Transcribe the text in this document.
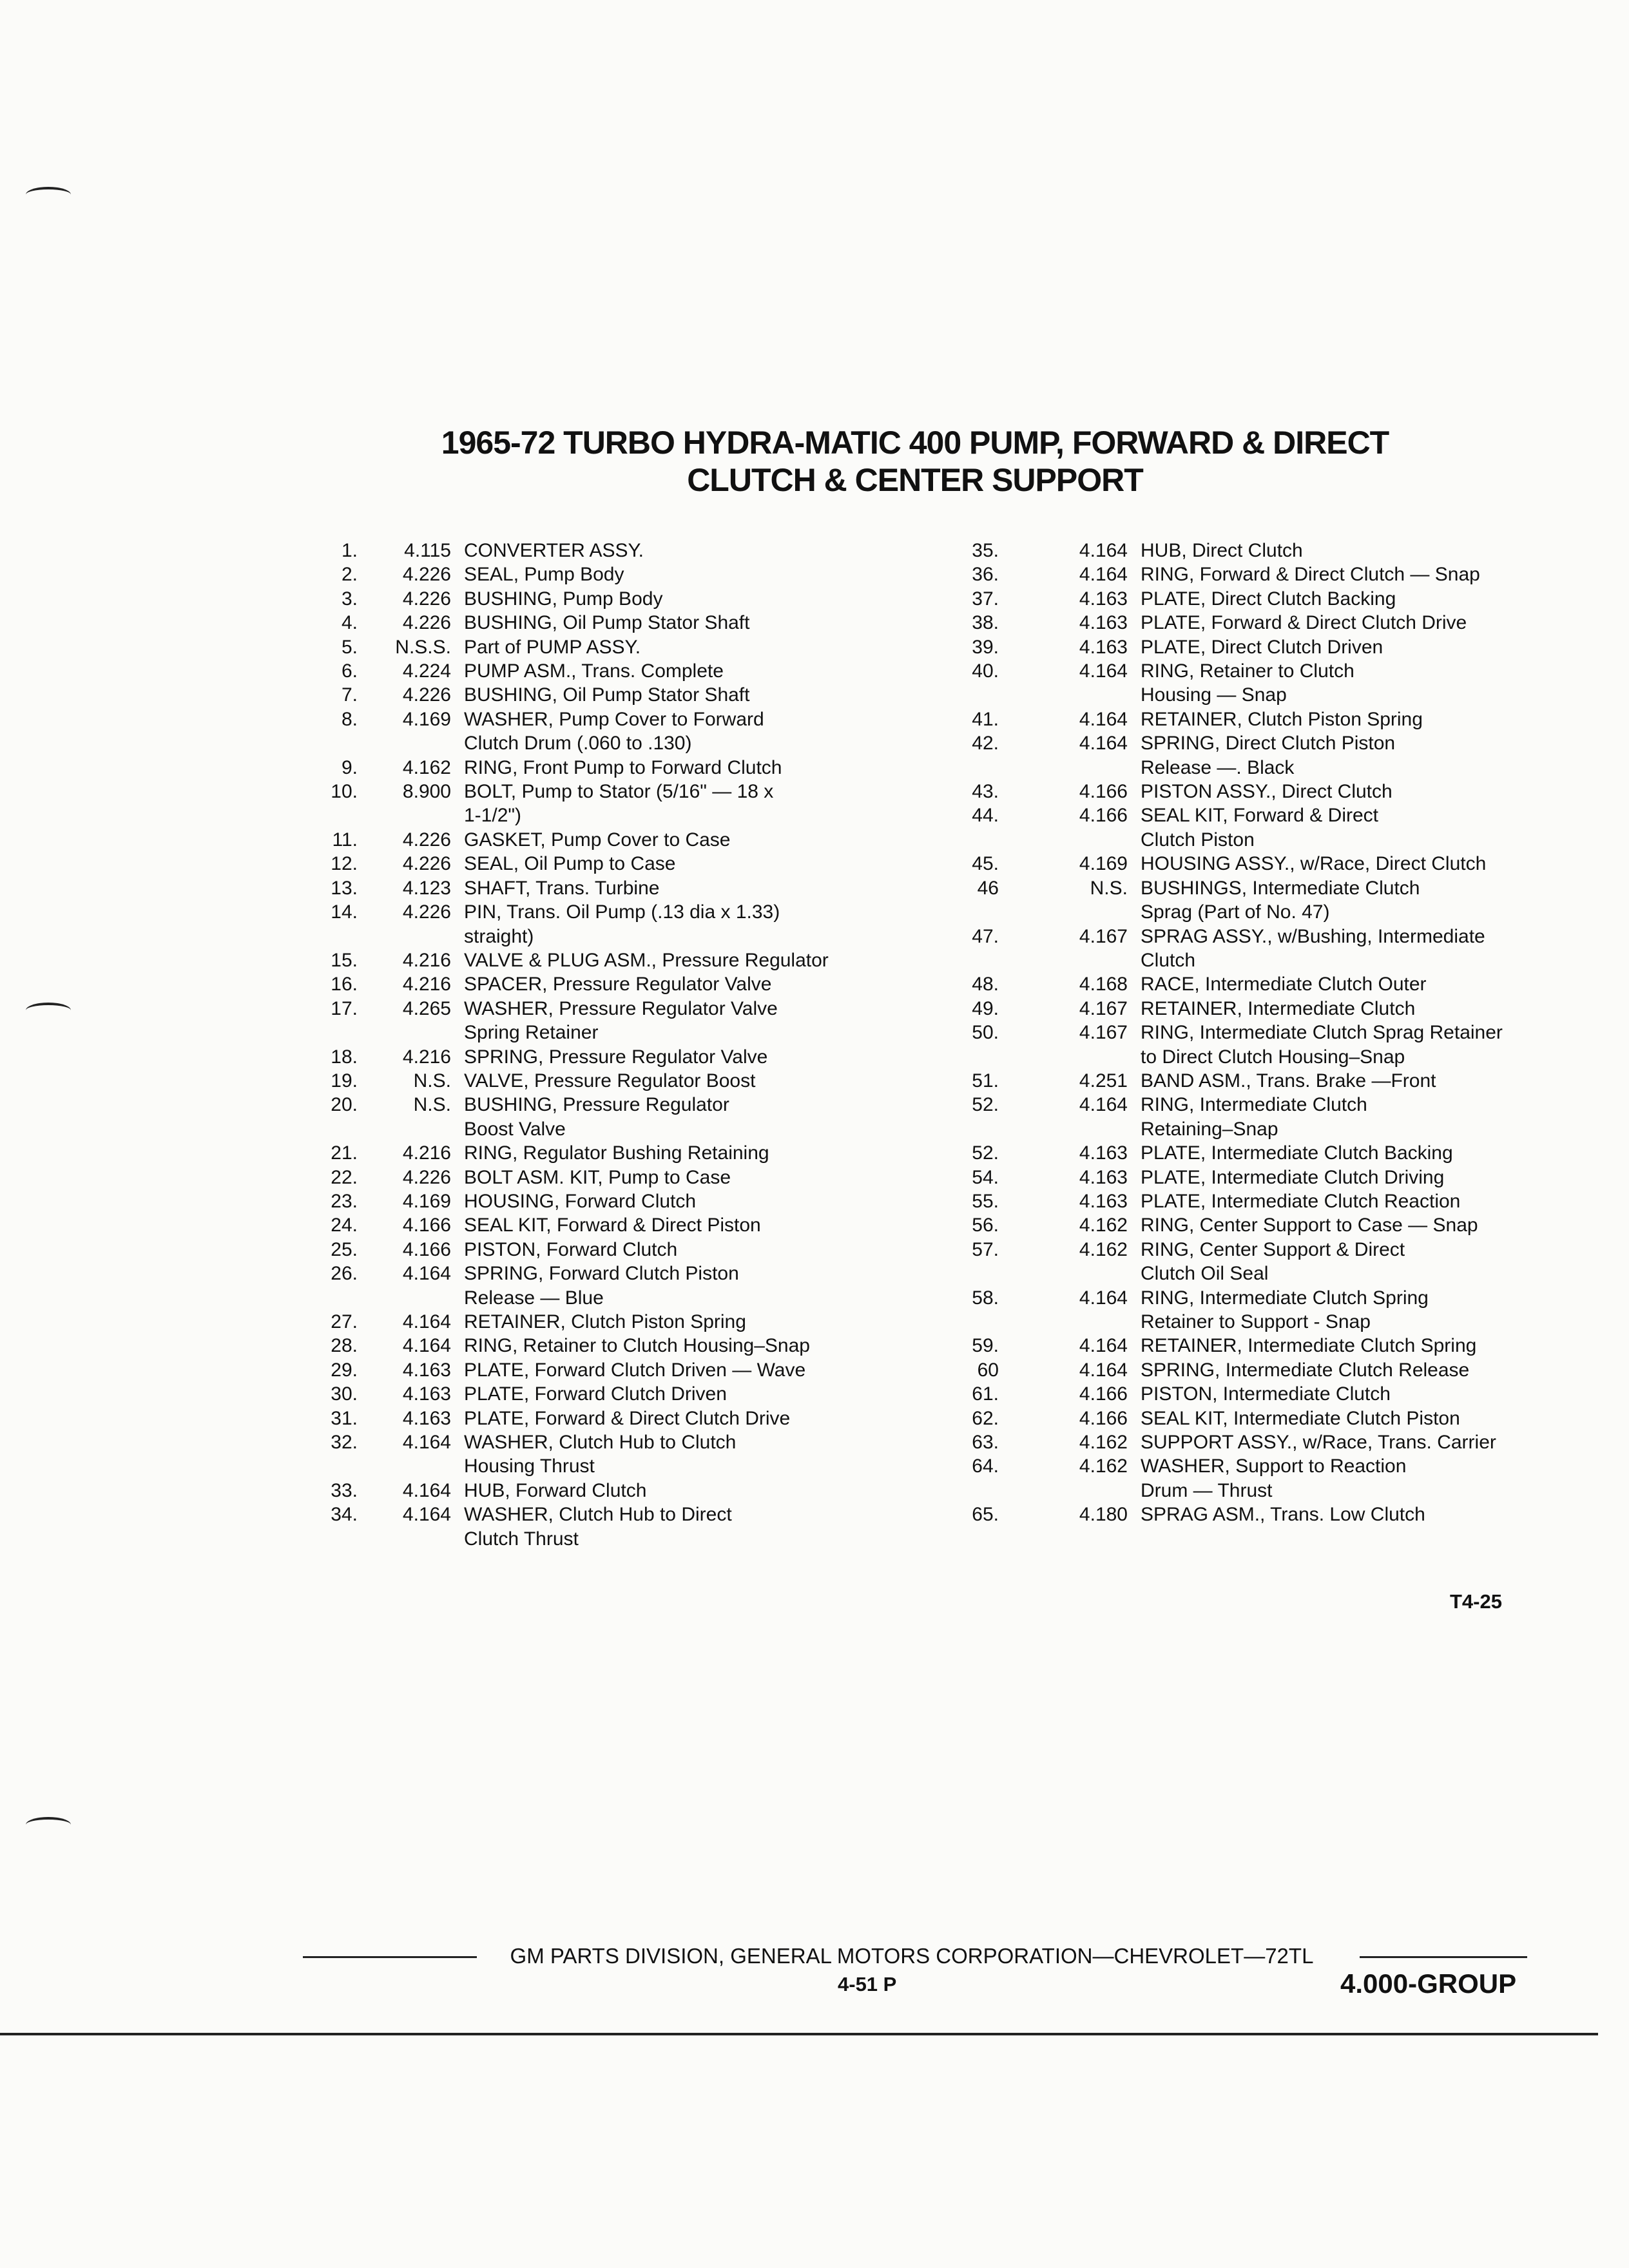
1965-72 TURBO HYDRA-MATIC 400 PUMP, FORWARD & DIRECT
CLUTCH & CENTER SUPPORT
1.	4.115 CONVERTER ASSY.
2.	4.226 SEAL, Pump Body
3.	4.226 BUSHING, Pump Body
4.	4.226 BUSHING, Oil Pump Stator Shaft
5.	N.S.S. Part of PUMP ASSY.
6.	4.224 PUMP ASM., Trans. Complete
7.	4.226 BUSHING, Oil Pump Stator Shaft
8.	4.169 WASHER, Pump Cover to Forward
Clutch Drum (.060 to .130)
9.	4.162 RING, Front Pump to Forward Clutch
10.	8.900 BOLT, Pump to Stator (5/16" — 18 x
1-1/2")
11.	4.226 GASKET, Pump Cover to Case
12.	4.226 SEAL, Oil Pump to Case
13.	4.123 SHAFT, Trans. Turbine
14.	4.226 PIN, Trans. Oil Pump (.13 dia x 1.33)
straight)
15.	4.216 VALVE & PLUG ASM., Pressure Regulator
16.	4.216 SPACER, Pressure Regulator Valve
17.	4.265 WASHER, Pressure Regulator Valve
Spring Retainer
18.	4.216 SPRING, Pressure Regulator Valve
19.	N.S. VALVE, Pressure Regulator Boost
20.	N.S. BUSHING, Pressure Regulator
Boost Valve
21.	4.216 RING, Regulator Bushing Retaining
22.	4.226 BOLT ASM. KIT, Pump to Case
23.	4.169 HOUSING, Forward Clutch
24.	4.166 SEAL KIT, Forward & Direct Piston
25.	4.166 PISTON, Forward Clutch
26.	4.164 SPRING, Forward Clutch Piston
Release — Blue
27.	4.164 RETAINER, Clutch Piston Spring
28.	4.164 RING, Retainer to Clutch Housing–Snap
29.	4.163 PLATE, Forward Clutch Driven — Wave
30.	4.163 PLATE, Forward Clutch Driven
31.	4.163 PLATE, Forward & Direct Clutch Drive
32.	4.164 WASHER, Clutch Hub to Clutch
Housing Thrust
33.	4.164 HUB, Forward Clutch
34.	4.164 WASHER, Clutch Hub to Direct
Clutch Thrust
35.	4.164 HUB, Direct Clutch
36.	4.164 RING, Forward & Direct Clutch — Snap
37.	4.163 PLATE, Direct Clutch Backing
38.	4.163 PLATE, Forward & Direct Clutch Drive
39.	4.163 PLATE, Direct Clutch Driven
40.	4.164 RING, Retainer to Clutch
Housing — Snap
41.	4.164 RETAINER, Clutch Piston Spring
42.	4.164 SPRING, Direct Clutch Piston
Release —. Black
43.	4.166 PISTON ASSY., Direct Clutch
44.	4.166 SEAL KIT, Forward & Direct
Clutch Piston
45.	4.169 HOUSING ASSY., w/Race, Direct Clutch
46	N.S. BUSHINGS, Intermediate Clutch
Sprag (Part of No. 47)
47.	4.167 SPRAG ASSY., w/Bushing, Intermediate
Clutch
48.	4.168 RACE, Intermediate Clutch Outer
49.	4.167 RETAINER, Intermediate Clutch
50.	4.167 RING, Intermediate Clutch Sprag Retainer
to Direct Clutch Housing–Snap
51.	4.251 BAND ASM., Trans. Brake —Front
52.	4.164 RING, Intermediate Clutch
Retaining–Snap
52.	4.163 PLATE, Intermediate Clutch Backing
54.	4.163 PLATE, Intermediate Clutch Driving
55.	4.163 PLATE, Intermediate Clutch Reaction
56.	4.162 RING, Center Support to Case — Snap
57.	4.162 RING, Center Support & Direct
Clutch Oil Seal
58.	4.164 RING, Intermediate Clutch Spring
Retainer to Support - Snap
59.	4.164 RETAINER, Intermediate Clutch Spring
60	4.164 SPRING, Intermediate Clutch Release
61.	4.166 PISTON, Intermediate Clutch
62.	4.166 SEAL KIT, Intermediate Clutch Piston
63.	4.162 SUPPORT ASSY., w/Race, Trans. Carrier
64.	4.162 WASHER, Support to Reaction
Drum — Thrust
65.	4.180 SPRAG ASM., Trans. Low Clutch
T4-25
GM PARTS DIVISION, GENERAL MOTORS CORPORATION—CHEVROLET—72TL
4-51 P	4.000-GROUP
